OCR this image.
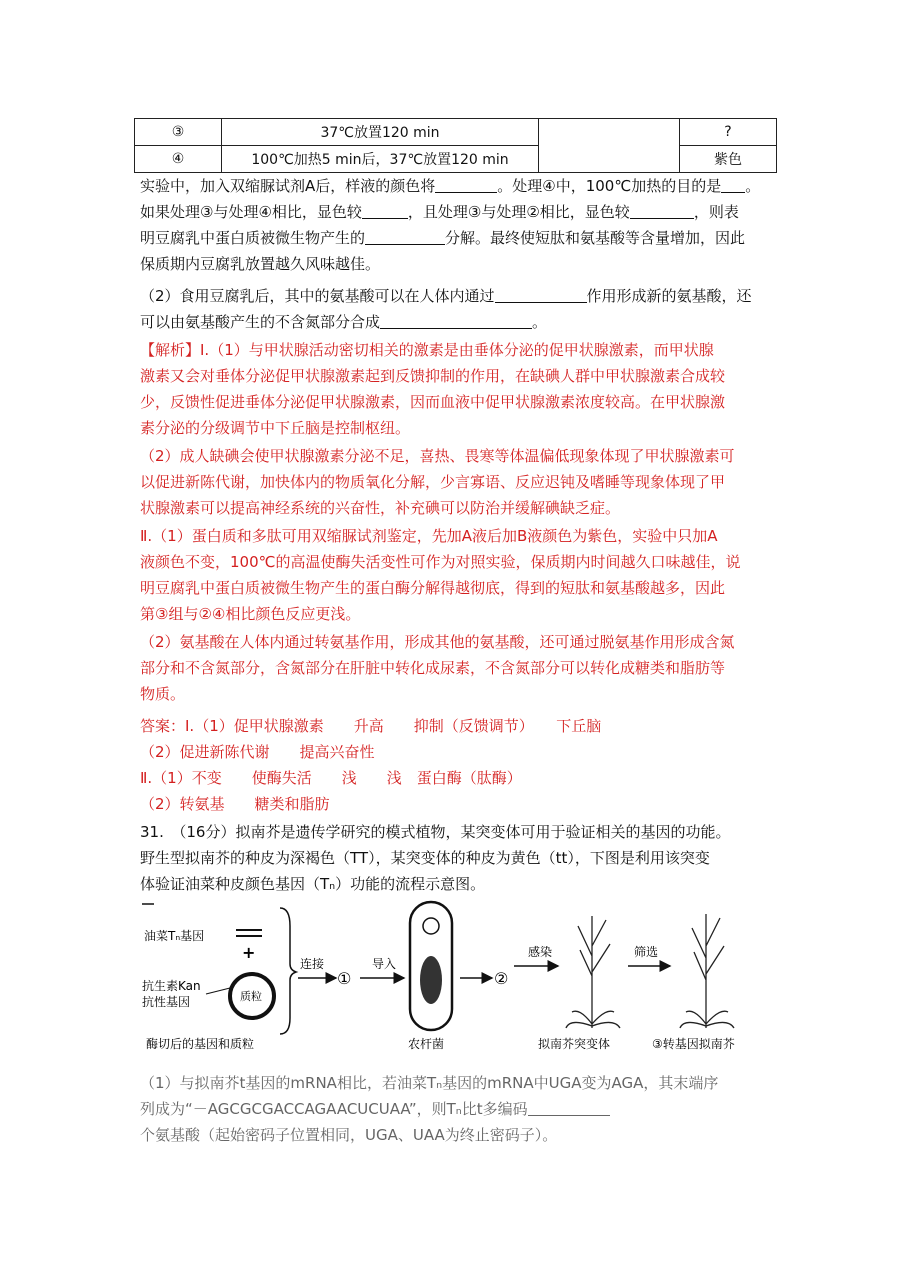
③	37℃放置120 min		?
④	100℃加热5 min后，37℃放置120 min		紫色
实验中，加入双缩脲试剂A后，样液的颜色将	。处理④中，100℃加热的目的是 。
如果处理③与处理④相比，显色较	，且处理③与处理②相比，显色较	，则表
明豆腐乳中蛋白质被微生物产生的	分解。最终使短肽和氨基酸等含量增加，因此
保质期内豆腐乳放置越久风味越佳。
（2）食用豆腐乳后，其中的氨基酸可以在人体内通过	作用形成新的氨基酸，还
可以由氨基酸产生的不含氮部分合成	。
【解析】Ⅰ.（1）与甲状腺活动密切相关的激素是由垂体分泌的促甲状腺激素，而甲状腺
激素又会对垂体分泌促甲状腺激素起到反馈抑制的作用，在缺碘人群中甲状腺激素合成较
少，反馈性促进垂体分泌促甲状腺激素，因而血液中促甲状腺激素浓度较高。在甲状腺激
素分泌的分级调节中下丘脑是控制枢纽。
（2）成人缺碘会使甲状腺激素分泌不足，喜热、畏寒等体温偏低现象体现了甲状腺激素可
以促进新陈代谢，加快体内的物质氧化分解，少言寡语、反应迟钝及嗜睡等现象体现了甲
状腺激素可以提高神经系统的兴奋性，补充碘可以防治并缓解碘缺乏症。
Ⅱ.（1）蛋白质和多肽可用双缩脲试剂鉴定，先加A液后加B液颜色为紫色，实验中只加A
液颜色不变，100℃的高温使酶失活变性可作为对照实验，保质期内时间越久口味越佳，说
明豆腐乳中蛋白质被微生物产生的蛋白酶分解得越彻底，得到的短肽和氨基酸越多，因此
第③组与②④相比颜色反应更浅。
（2）氨基酸在人体内通过转氨基作用，形成其他的氨基酸，还可通过脱氨基作用形成含氮
部分和不含氮部分，含氮部分在肝脏中转化成尿素，不含氮部分可以转化成糖类和脂肪等
物质。
答案：Ⅰ.（1）促甲状腺激素　　升高　　抑制（反馈调节）　　下丘脑
（2）促进新陈代谢　　提高兴奋性
Ⅱ.（1）不变　　使酶失活　　浅　　浅　蛋白酶（肽酶）
（2）转氨基　　糖类和脂肪
31.　（16分）拟南芥是遗传学研究的模式植物，某突变体可用于验证相关的基因的功能。
野生型拟南芥的种皮为深褐色（TT），某突变体的种皮为黄色（tt），下图是利用该突变
体验证油菜种皮颜色基因（Tₙ）功能的流程示意图。
油菜Tₙ基因
+
抗生素Kan
抗性基因	质粒
酶切后的基因和质粒
连接
①
导入
农杆菌
②
感染
拟南芥突变体
筛选
③转基因拟南芥
（1）与拟南芥t基因的mRNA相比，若油菜Tₙ基因的mRNA中UGA变为AGA，其末端序
列成为“－AGCGCGACCAGAACUCUAA”，则Tₙ比t多编码
个氨基酸（起始密码子位置相同，UGA、UAA为终止密码子）。
